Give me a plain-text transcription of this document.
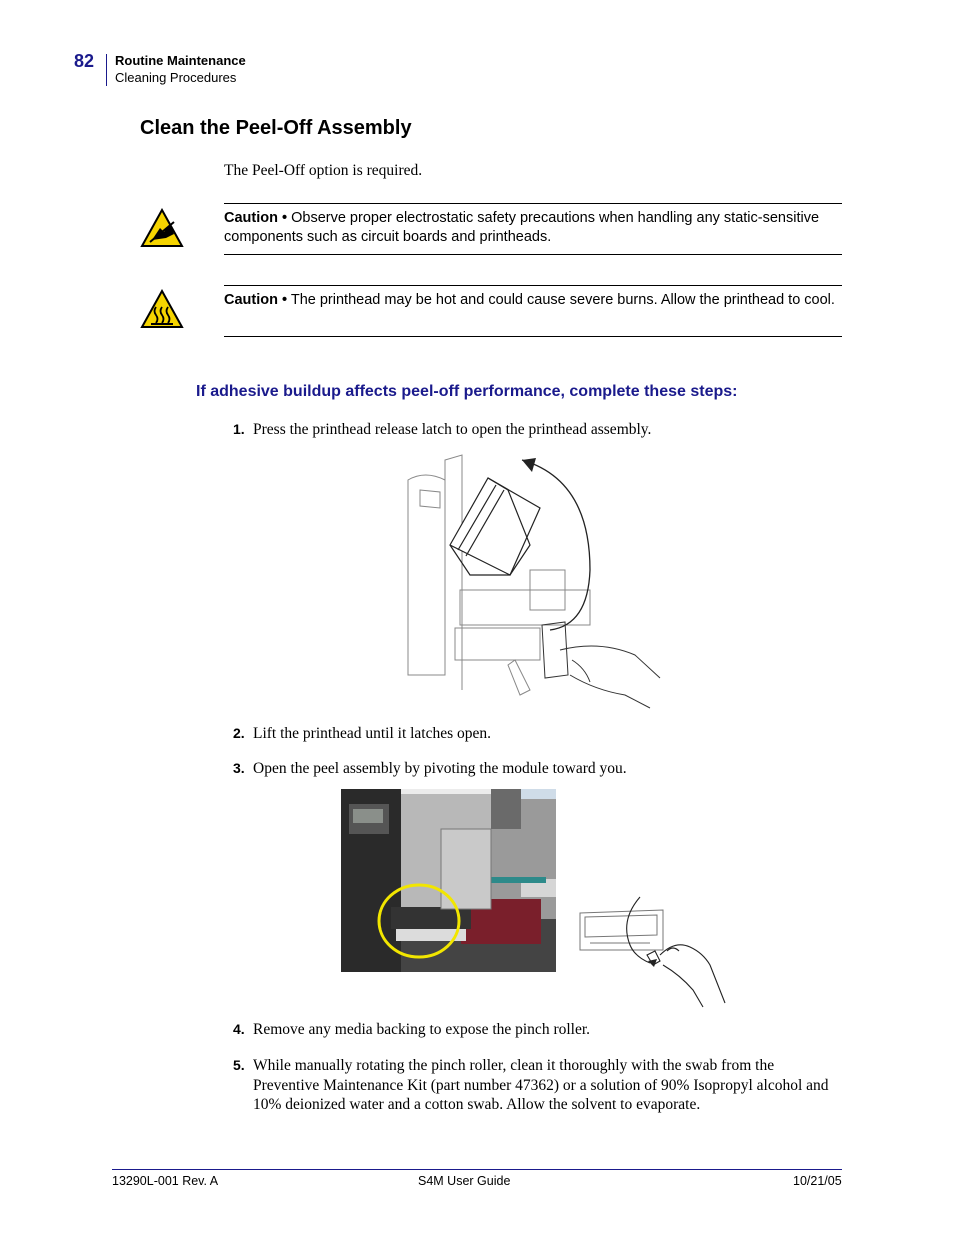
82 Routine Maintenance
Cleaning Procedures
Clean the Peel-Off Assembly
The Peel-Off option is required.
Caution • Observe proper electrostatic safety precautions when handling any static-sensitive components such as circuit boards and printheads.
Caution • The printhead may be hot and could cause severe burns. Allow the printhead to cool.
If adhesive buildup affects peel-off performance, complete these steps:
1. Press the printhead release latch to open the printhead assembly.
2. Lift the printhead until it latches open.
3. Open the peel assembly by pivoting the module toward you.
4. Remove any media backing to expose the pinch roller.
5. While manually rotating the pinch roller, clean it thoroughly with the swab from the Preventive Maintenance Kit (part number 47362) or a solution of 90% Isopropyl alcohol and 10% deionized water and a cotton swab. Allow the solvent to evaporate.
13290L-001 Rev. A	S4M User Guide	10/21/05
